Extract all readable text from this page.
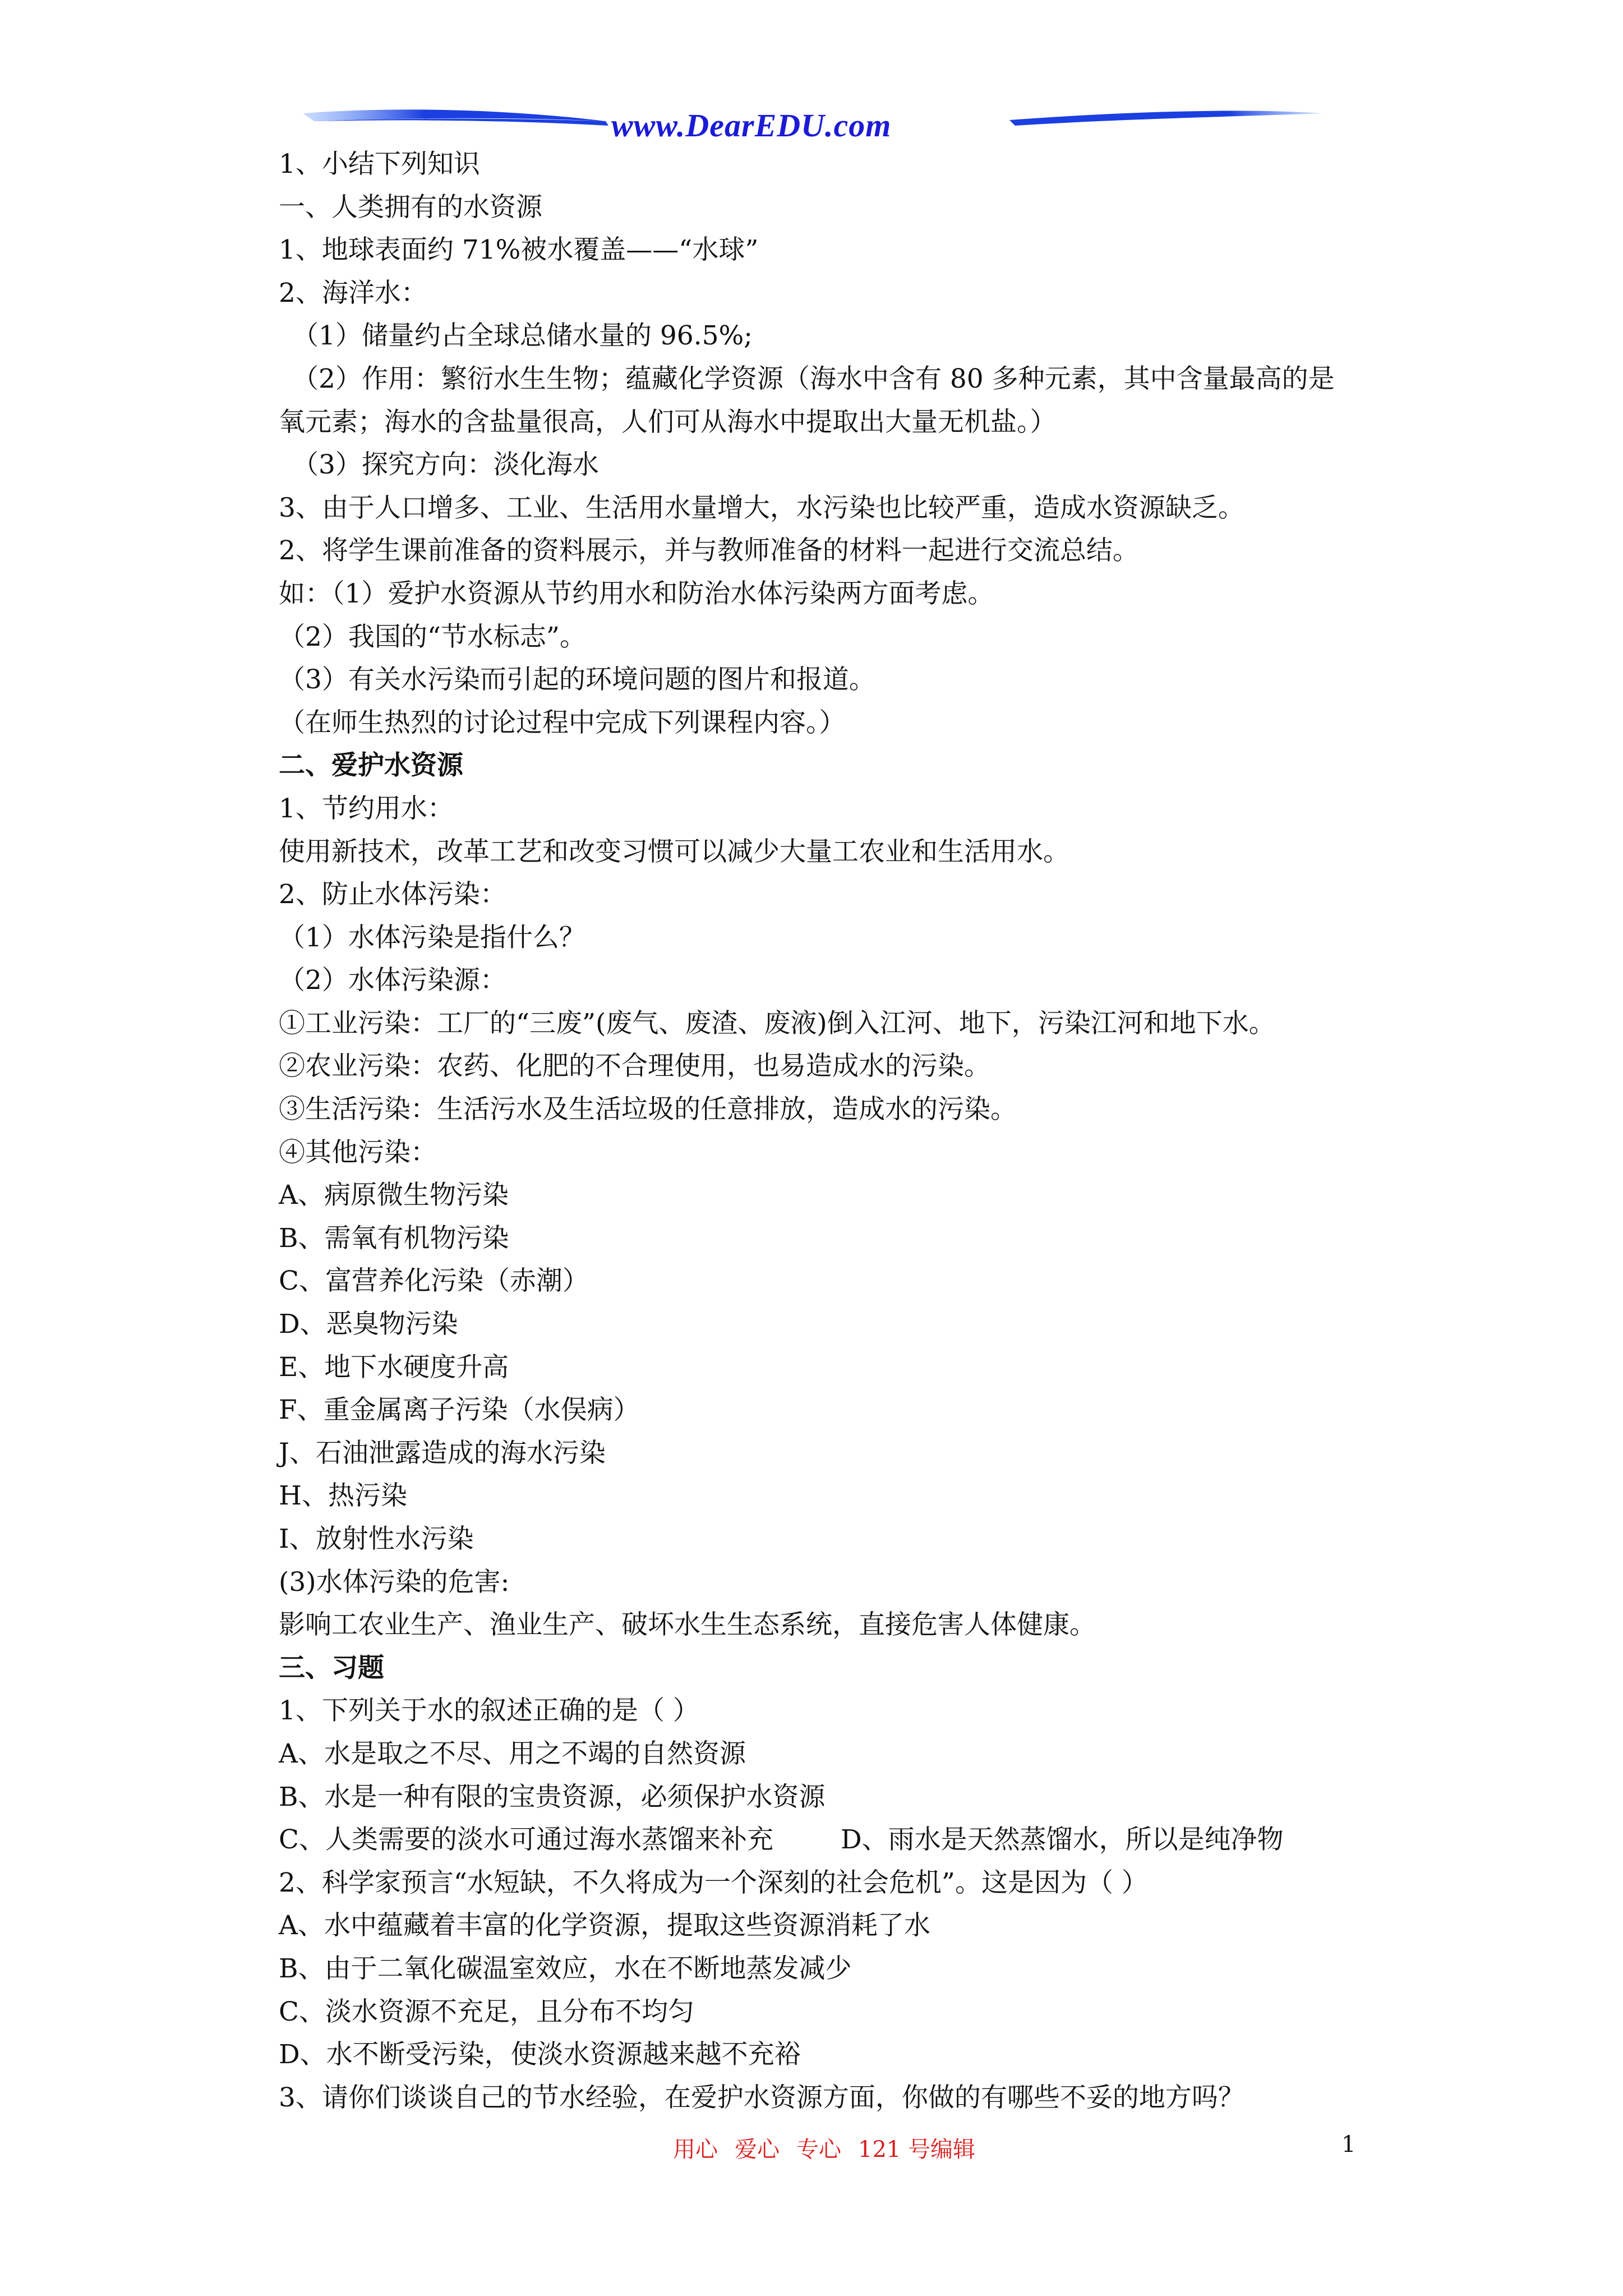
www.DearEDU.com
1、小结下列知识
一、人类拥有的水资源
1、地球表面约 71%被水覆盖——“水球”
2、海洋水：
（1）储量约占全球总储水量的 96.5%;
（2）作用：繁衍水生生物；蕴藏化学资源（海水中含有 80 多种元素，其中含量最高的是
氧元素；海水的含盐量很高，人们可从海水中提取出大量无机盐。）
（3）探究方向：淡化海水
3、由于人口增多、工业、生活用水量增大，水污染也比较严重，造成水资源缺乏。
2、将学生课前准备的资料展示，并与教师准备的材料一起进行交流总结。
如：（1）爱护水资源从节约用水和防治水体污染两方面考虑。
（2）我国的“节水标志”。
（3）有关水污染而引起的环境问题的图片和报道。
（在师生热烈的讨论过程中完成下列课程内容。）
二、爱护水资源
1、节约用水：
使用新技术，改革工艺和改变习惯可以减少大量工农业和生活用水。
2、防止水体污染：
（1）水体污染是指什么？
（2）水体污染源：
①工业污染：工厂的“三废”(废气、废渣、废液)倒入江河、地下，污染江河和地下水。
②农业污染：农药、化肥的不合理使用，也易造成水的污染。
③生活污染：生活污水及生活垃圾的任意排放，造成水的污染。
④其他污染：
A、病原微生物污染
B、需氧有机物污染
C、富营养化污染（赤潮）
D、恶臭物污染
E、地下水硬度升高
F、重金属离子污染（水俣病）
J、石油泄露造成的海水污染
H、热污染
I、放射性水污染
(3)水体污染的危害:
影响工农业生产、渔业生产、破坏水生生态系统，直接危害人体健康。
三、习题
1、下列关于水的叙述正确的是（ ）
A、水是取之不尽、用之不竭的自然资源
B、水是一种有限的宝贵资源，必须保护水资源
C、人类需要的淡水可通过海水蒸馏来补充	D、雨水是天然蒸馏水，所以是纯净物
2、科学家预言“水短缺，不久将成为一个深刻的社会危机”。这是因为（ ）
A、水中蕴藏着丰富的化学资源，提取这些资源消耗了水
B、由于二氧化碳温室效应，水在不断地蒸发减少
C、淡水资源不充足，且分布不均匀
D、水不断受污染，使淡水资源越来越不充裕
3、请你们谈谈自己的节水经验，在爱护水资源方面，你做的有哪些不妥的地方吗？
用心 爱心 专心 121 号编辑	1
